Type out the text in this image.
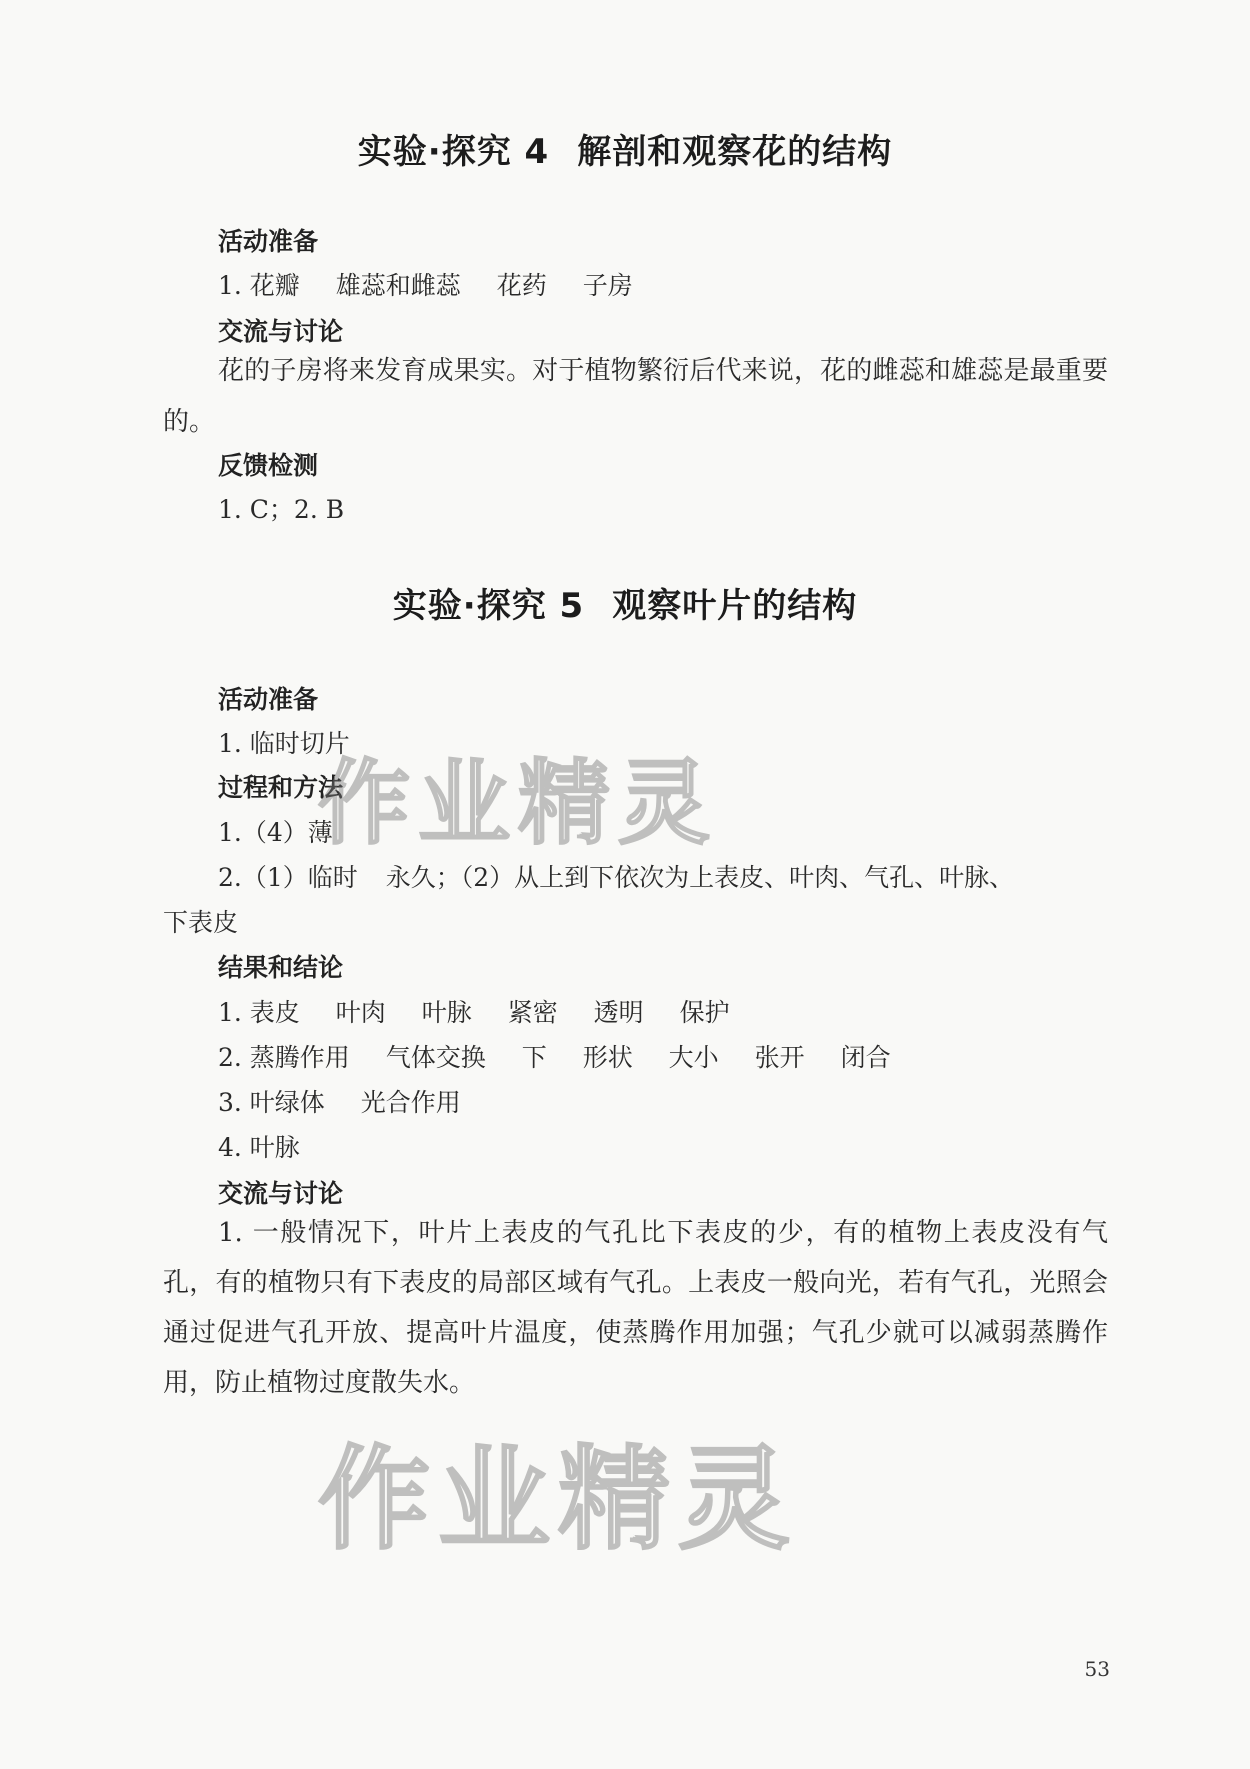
实验·探究 4 解剖和观察花的结构
活动准备
1. 花瓣 雄蕊和雌蕊 花药 子房
交流与讨论
花的子房将来发育成果实。对于植物繁衍后代来说，花的雌蕊和雄蕊是最重要的。
反馈检测
1. C；2. B
实验·探究 5 观察叶片的结构
活动准备
1. 临时切片
过程和方法
1.（4）薄
2.（1）临时 永久；（2）从上到下依次为上表皮、叶肉、气孔、叶脉、
下表皮
结果和结论
1. 表皮 叶肉 叶脉 紧密 透明 保护
2. 蒸腾作用 气体交换 下 形状 大小 张开 闭合
3. 叶绿体 光合作用
4. 叶脉
交流与讨论
1. 一般情况下，叶片上表皮的气孔比下表皮的少，有的植物上表皮没有气孔，有的植物只有下表皮的局部区域有气孔。上表皮一般向光，若有气孔，光照会通过促进气孔开放、提高叶片温度，使蒸腾作用加强；气孔少就可以减弱蒸腾作用，防止植物过度散失水。
作业精灵
作业精灵
53
